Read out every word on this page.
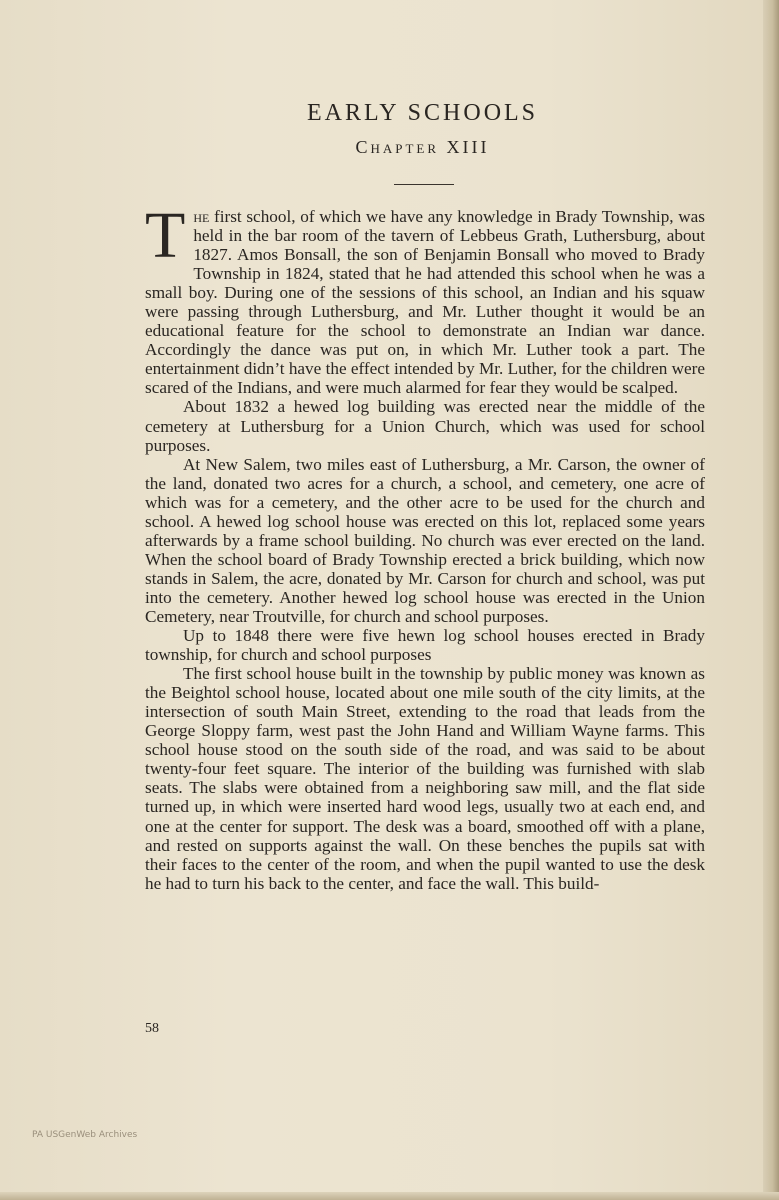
EARLY SCHOOLS
Chapter XIII

The first school, of which we have any knowledge in Brady Township, was held in the bar room of the tavern of Lebbeus Grath, Luthersburg, about 1827. Amos Bonsall, the son of Benjamin Bonsall who moved to Brady Township in 1824, stated that he had attended this school when he was a small boy. During one of the sessions of this school, an Indian and his squaw were passing through Luthersburg, and Mr. Luther thought it would be an educational feature for the school to demonstrate an Indian war dance. Accordingly the dance was put on, in which Mr. Luther took a part. The entertainment didn’t have the effect intended by Mr. Luther, for the children were scared of the Indians, and were much alarmed for fear they would be scalped.

About 1832 a hewed log building was erected near the middle of the cemetery at Luthersburg for a Union Church, which was used for school purposes.

At New Salem, two miles east of Luthersburg, a Mr. Carson, the owner of the land, donated two acres for a church, a school, and cemetery, one acre of which was for a cemetery, and the other acre to be used for the church and school. A hewed log school house was erected on this lot, replaced some years afterwards by a frame school building. No church was ever erected on the land. When the school board of Brady Township erected a brick building, which now stands in Salem, the acre, donated by Mr. Carson for church and school, was put into the cemetery. Another hewed log school house was erected in the Union Cemetery, near Troutville, for church and school purposes.

Up to 1848 there were five hewn log school houses erected in Brady township, for church and school purposes

The first school house built in the township by public money was known as the Beightol school house, located about one mile south of the city limits, at the intersection of south Main Street, extending to the road that leads from the George Sloppy farm, west past the John Hand and William Wayne farms. This school house stood on the south side of the road, and was said to be about twenty-four feet square. The interior of the building was furnished with slab seats. The slabs were obtained from a neighboring saw mill, and the flat side turned up, in which were inserted hard wood legs, usually two at each end, and one at the center for support. The desk was a board, smoothed off with a plane, and rested on supports against the wall. On these benches the pupils sat with their faces to the center of the room, and when the pupil wanted to use the desk he had to turn his back to the center, and face the wall. This build-

58
PA USGenWeb Archives
